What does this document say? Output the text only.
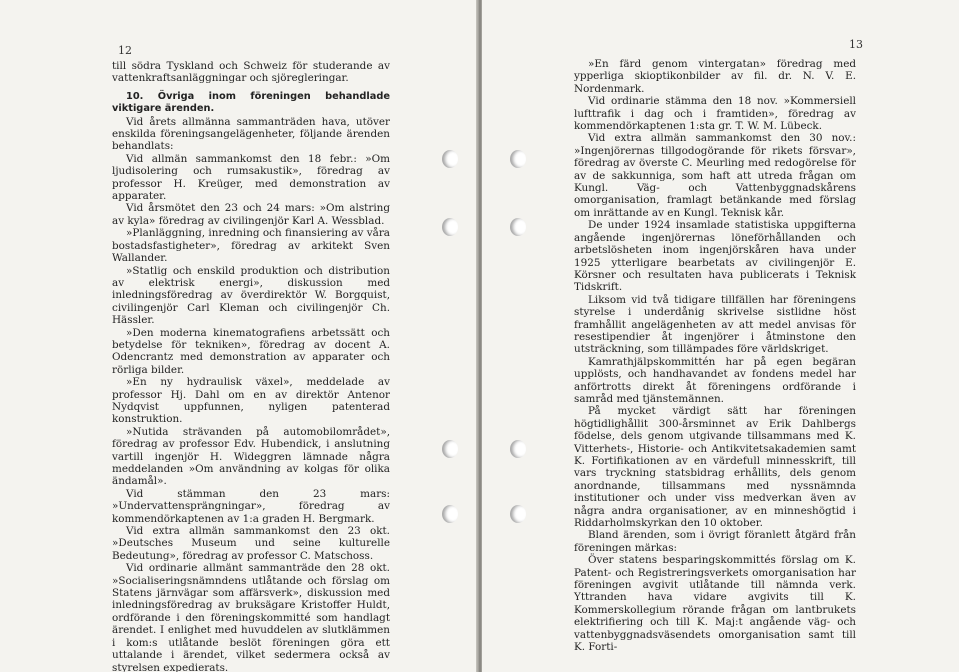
12

till södra Tyskland och Schweiz för studerande av vattenkraftsanläggningar och sjöregleringar.

10. Övriga inom föreningen behandlade viktigare ärenden.

Vid årets allmänna sammanträden hava, utöver enskilda föreningsangelägenheter, följande ärenden behandlats:

Vid allmän sammankomst den 18 febr.: »Om ljudisolering och rumsakustik», föredrag av professor H. Kreüger, med demonstration av apparater.

Vid årsmötet den 23 och 24 mars: »Om alstring av kyla» föredrag av civilingenjör Karl A. Wessblad.

»Planläggning, inredning och finansiering av våra bostadsfastigheter», föredrag av arkitekt Sven Wallander.

»Statlig och enskild produktion och distribution av elektrisk energi», diskussion med inledningsföredrag av överdirektör W. Borgquist, civilingenjör Carl Kleman och civilingenjör Ch. Hässler.

»Den moderna kinematografiens arbetssätt och betydelse för tekniken», föredrag av docent A. Odencrantz med demonstration av apparater och rörliga bilder.

»En ny hydraulisk växel», meddelade av professor Hj. Dahl om en av direktör Antenor Nydqvist uppfunnen, nyligen patenterad konstruktion.

»Nutida strävanden på automobilområdet», föredrag av professor Edv. Hubendick, i anslutning vartill ingenjör H. Wideggren lämnade några meddelanden »Om användning av kolgas för olika ändamål».

Vid stämman den 23 mars: »Undervattensprängningar», föredrag av kommendörkaptenen av 1:a graden H. Bergmark.

Vid extra allmän sammankomst den 23 okt. »Deutsches Museum und seine kulturelle Bedeutung», föredrag av professor C. Matschoss.

Vid ordinarie allmänt sammanträde den 28 okt. »Socialiseringsnämndens utlåtande och förslag om Statens järnvägar som affärsverk», diskussion med inledningsföredrag av bruksägare Kristoffer Huldt, ordförande i den föreningskommitté som handlagt ärendet. I enlighet med huvuddelen av slutklämmen i kom:s utlåtande beslöt föreningen göra ett uttalande i ärendet, vilket sedermera också av styrelsen expedierats.

13

»En färd genom vintergatan» föredrag med ypperliga skioptikonbilder av fil. dr. N. V. E. Nordenmark.

Vid ordinarie stämma den 18 nov. »Kommersiell lufttrafik i dag och i framtiden», föredrag av kommendörkaptenen 1:sta gr. T. W. M. Lübeck.

Vid extra allmän sammankomst den 30 nov.: »Ingenjörernas tillgodogörande för rikets försvar», föredrag av överste C. Meurling med redogörelse för av de sakkunniga, som haft att utreda frågan om Kungl. Väg- och Vattenbyggnadskårens omorganisation, framlagt betänkande med förslag om inrättande av en Kungl. Teknisk kår.

De under 1924 insamlade statistiska uppgifterna angående ingenjörernas löneförhållanden och arbetslösheten inom ingenjörskåren hava under 1925 ytterligare bearbetats av civilingenjör E. Körsner och resultaten hava publicerats i Teknisk Tidskrift.

Liksom vid två tidigare tillfällen har föreningens styrelse i underdånig skrivelse sistlidne höst framhållit angelägenheten av att medel anvisas för resestipendier åt ingenjörer i åtminstone den utsträckning, som tillämpades före världskriget.

Kamrathjälpskommittén har på egen begäran upplösts, och handhavandet av fondens medel har anförtrotts direkt åt föreningens ordförande i samråd med tjänstemännen.

På mycket värdigt sätt har föreningen högtidlighållit 300-årsminnet av Erik Dahlbergs födelse, dels genom utgivande tillsammans med K. Vitterhets-, Historie- och Antikvitetsakademien samt K. Fortifikationen av en värdefull minnesskrift, till vars tryckning statsbidrag erhållits, dels genom anordnande, tillsammans med nyssnämnda institutioner och under viss medverkan även av några andra organisationer, av en minneshögtid i Riddarholmskyrkan den 10 oktober.

Bland ärenden, som i övrigt föranlett åtgärd från föreningen märkas:

Över statens besparingskommittés förslag om K. Patent- och Registreringsverkets omorganisation har föreningen avgivit utlåtande till nämnda verk. Yttranden hava vidare avgivits till K. Kommerskollegium rörande frågan om lantbrukets elektrifiering och till K. Maj:t angående väg- och vattenbyggnadsväsendets omorganisation samt till K. Forti-
